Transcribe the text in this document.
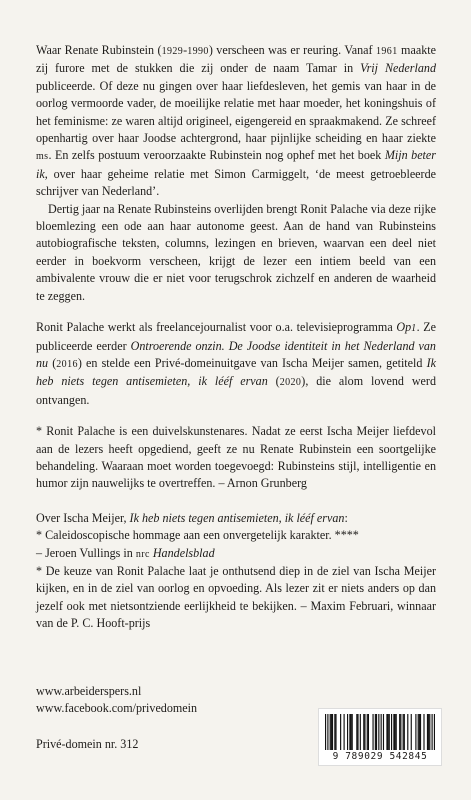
Waar Renate Rubinstein (1929-1990) verscheen was er reuring. Vanaf 1961 maakte zij furore met de stukken die zij onder de naam Tamar in Vrij Nederland publiceerde. Of deze nu gingen over haar liefdesleven, het gemis van haar in de oorlog vermoorde vader, de moeilijke relatie met haar moeder, het koningshuis of het feminisme: ze waren altijd origineel, eigengereid en spraakmakend. Ze schreef openhartig over haar Joodse achtergrond, haar pijnlijke scheiding en haar ziekte ms. En zelfs postuum veroorzaakte Rubinstein nog ophef met het boek Mijn beter ik, over haar geheime relatie met Simon Carmiggelt, ‘de meest getroebleerde schrijver van Nederland’.

Dertig jaar na Renate Rubinsteins overlijden brengt Ronit Palache via deze rijke bloemlezing een ode aan haar autonome geest. Aan de hand van Rubinsteins autobiografische teksten, columns, lezingen en brieven, waarvan een deel niet eerder in boekvorm verscheen, krijgt de lezer een intiem beeld van een ambivalente vrouw die er niet voor terugschrok zichzelf en anderen de waarheid te zeggen.

Ronit Palache werkt als freelancejournalist voor o.a. televisieprogramma Op1. Ze publiceerde eerder Ontroerende onzin. De Joodse identiteit in het Nederland van nu (2016) en stelde een Privé-domeinuitgave van Ischa Meijer samen, getiteld Ik heb niets tegen antisemieten, ik lééf ervan (2020), die alom lovend werd ontvangen.

* Ronit Palache is een duivelskunstenares. Nadat ze eerst Ischa Meijer liefdevol aan de lezers heeft opgediend, geeft ze nu Renate Rubinstein een soortgelijke behandeling. Waaraan moet worden toegevoegd: Rubinsteins stijl, intelligentie en humor zijn nauwelijks te overtreffen. – Arnon Grunberg

Over Ischa Meijer, Ik heb niets tegen antisemieten, ik lééf ervan:

* Caleidoscopische hommage aan een onvergetelijk karakter. ****
– Jeroen Vullings in nrc Handelsblad

* De keuze van Ronit Palache laat je onthutsend diep in de ziel van Ischa Meijer kijken, en in de ziel van oorlog en opvoeding. Als lezer zit er niets anders op dan jezelf ook met nietsontziende eerlijkheid te bekijken. – Maxim Februari, winnaar van de P. C. Hooft-prijs

www.arbeiderspers.nl
www.facebook.com/privedomein
Privé-domein nr. 312
9 789029 542845
